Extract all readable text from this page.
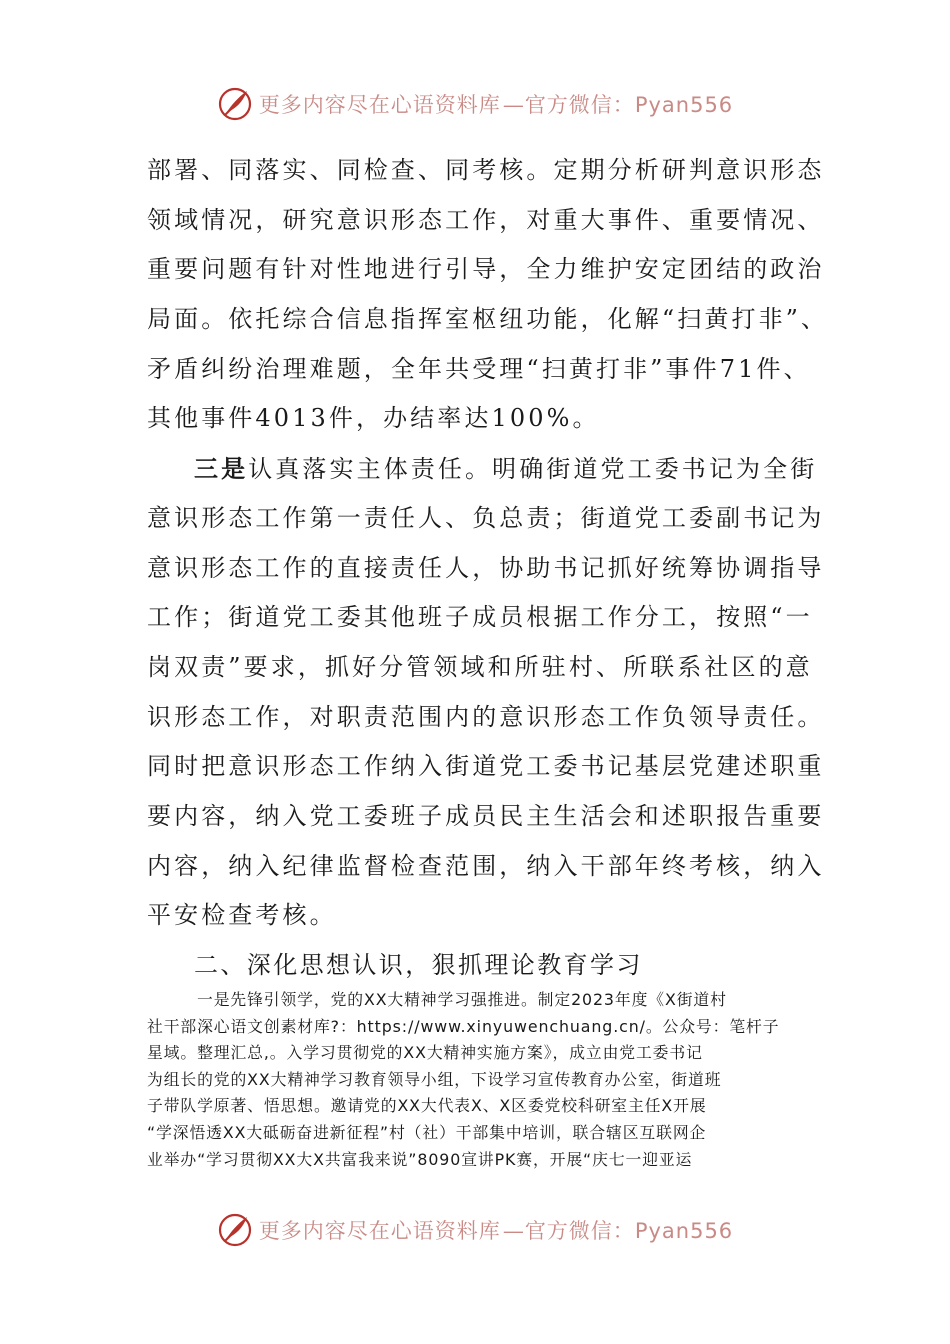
更多内容尽在心语资料库—官方微信：Pyan556
部署、同落实、同检查、同考核。定期分析研判意识形态
领域情况，研究意识形态工作，对重大事件、重要情况、
重要问题有针对性地进行引导，全力维护安定团结的政治
局面。依托综合信息指挥室枢纽功能，化解“扫黄打非”、
矛盾纠纷治理难题，全年共受理“扫黄打非”事件71件、
其他事件4013件，办结率达100%。
三是认真落实主体责任。明确街道党工委书记为全街
意识形态工作第一责任人、负总责；街道党工委副书记为
意识形态工作的直接责任人，协助书记抓好统筹协调指导
工作；街道党工委其他班子成员根据工作分工，按照“一
岗双责”要求，抓好分管领域和所驻村、所联系社区的意
识形态工作，对职责范围内的意识形态工作负领导责任。
同时把意识形态工作纳入街道党工委书记基层党建述职重
要内容，纳入党工委班子成员民主生活会和述职报告重要
内容，纳入纪律监督检查范围，纳入干部年终考核，纳入
平安检查考核。
二、深化思想认识，狠抓理论教育学习
一是先锋引领学，党的XX大精神学习强推进。制定2023年度《X街道村
社干部深心语文创素材库?：https://www.xinyuwenchuang.cn/。公众号：笔杆子
星域。整理汇总,。入学习贯彻党的XX大精神实施方案》，成立由党工委书记
为组长的党的XX大精神学习教育领导小组，下设学习宣传教育办公室，街道班
子带队学原著、悟思想。邀请党的XX大代表X、X区委党校科研室主任X开展
“学深悟透XX大砥砺奋进新征程”村（社）干部集中培训，联合辖区互联网企
业举办“学习贯彻XX大X共富我来说”8090宣讲PK赛，开展“庆七一迎亚运
更多内容尽在心语资料库—官方微信：Pyan556
